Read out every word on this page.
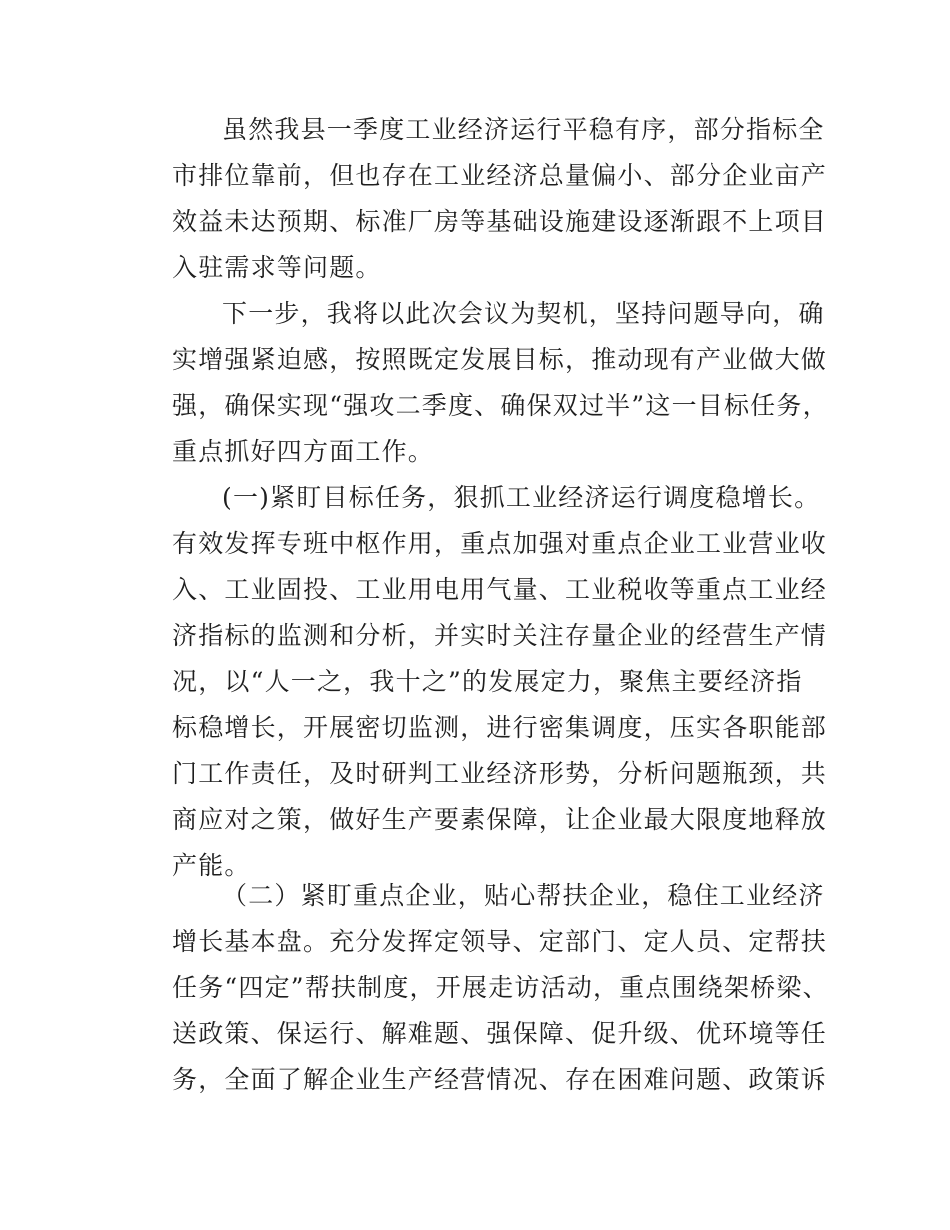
虽然我县一季度工业经济运行平稳有序，部分指标全
市排位靠前，但也存在工业经济总量偏小、部分企业亩产
效益未达预期、标准厂房等基础设施建设逐渐跟不上项目
入驻需求等问题。
下一步，我将以此次会议为契机，坚持问题导向，确
实增强紧迫感，按照既定发展目标，推动现有产业做大做
强，确保实现“强攻二季度、确保双过半”这一目标任务，
重点抓好四方面工作。
(一)紧盯目标任务，狠抓工业经济运行调度稳增长。
有效发挥专班中枢作用，重点加强对重点企业工业营业收
入、工业固投、工业用电用气量、工业税收等重点工业经
济指标的监测和分析，并实时关注存量企业的经营生产情
况，以“人一之，我十之”的发展定力，聚焦主要经济指
标稳增长，开展密切监测，进行密集调度，压实各职能部
门工作责任，及时研判工业经济形势，分析问题瓶颈，共
商应对之策，做好生产要素保障，让企业最大限度地释放
产能。
（二）紧盯重点企业，贴心帮扶企业，稳住工业经济
增长基本盘。充分发挥定领导、定部门、定人员、定帮扶
任务“四定”帮扶制度，开展走访活动，重点围绕架桥梁、
送政策、保运行、解难题、强保障、促升级、优环境等任
务，全面了解企业生产经营情况、存在困难问题、政策诉
